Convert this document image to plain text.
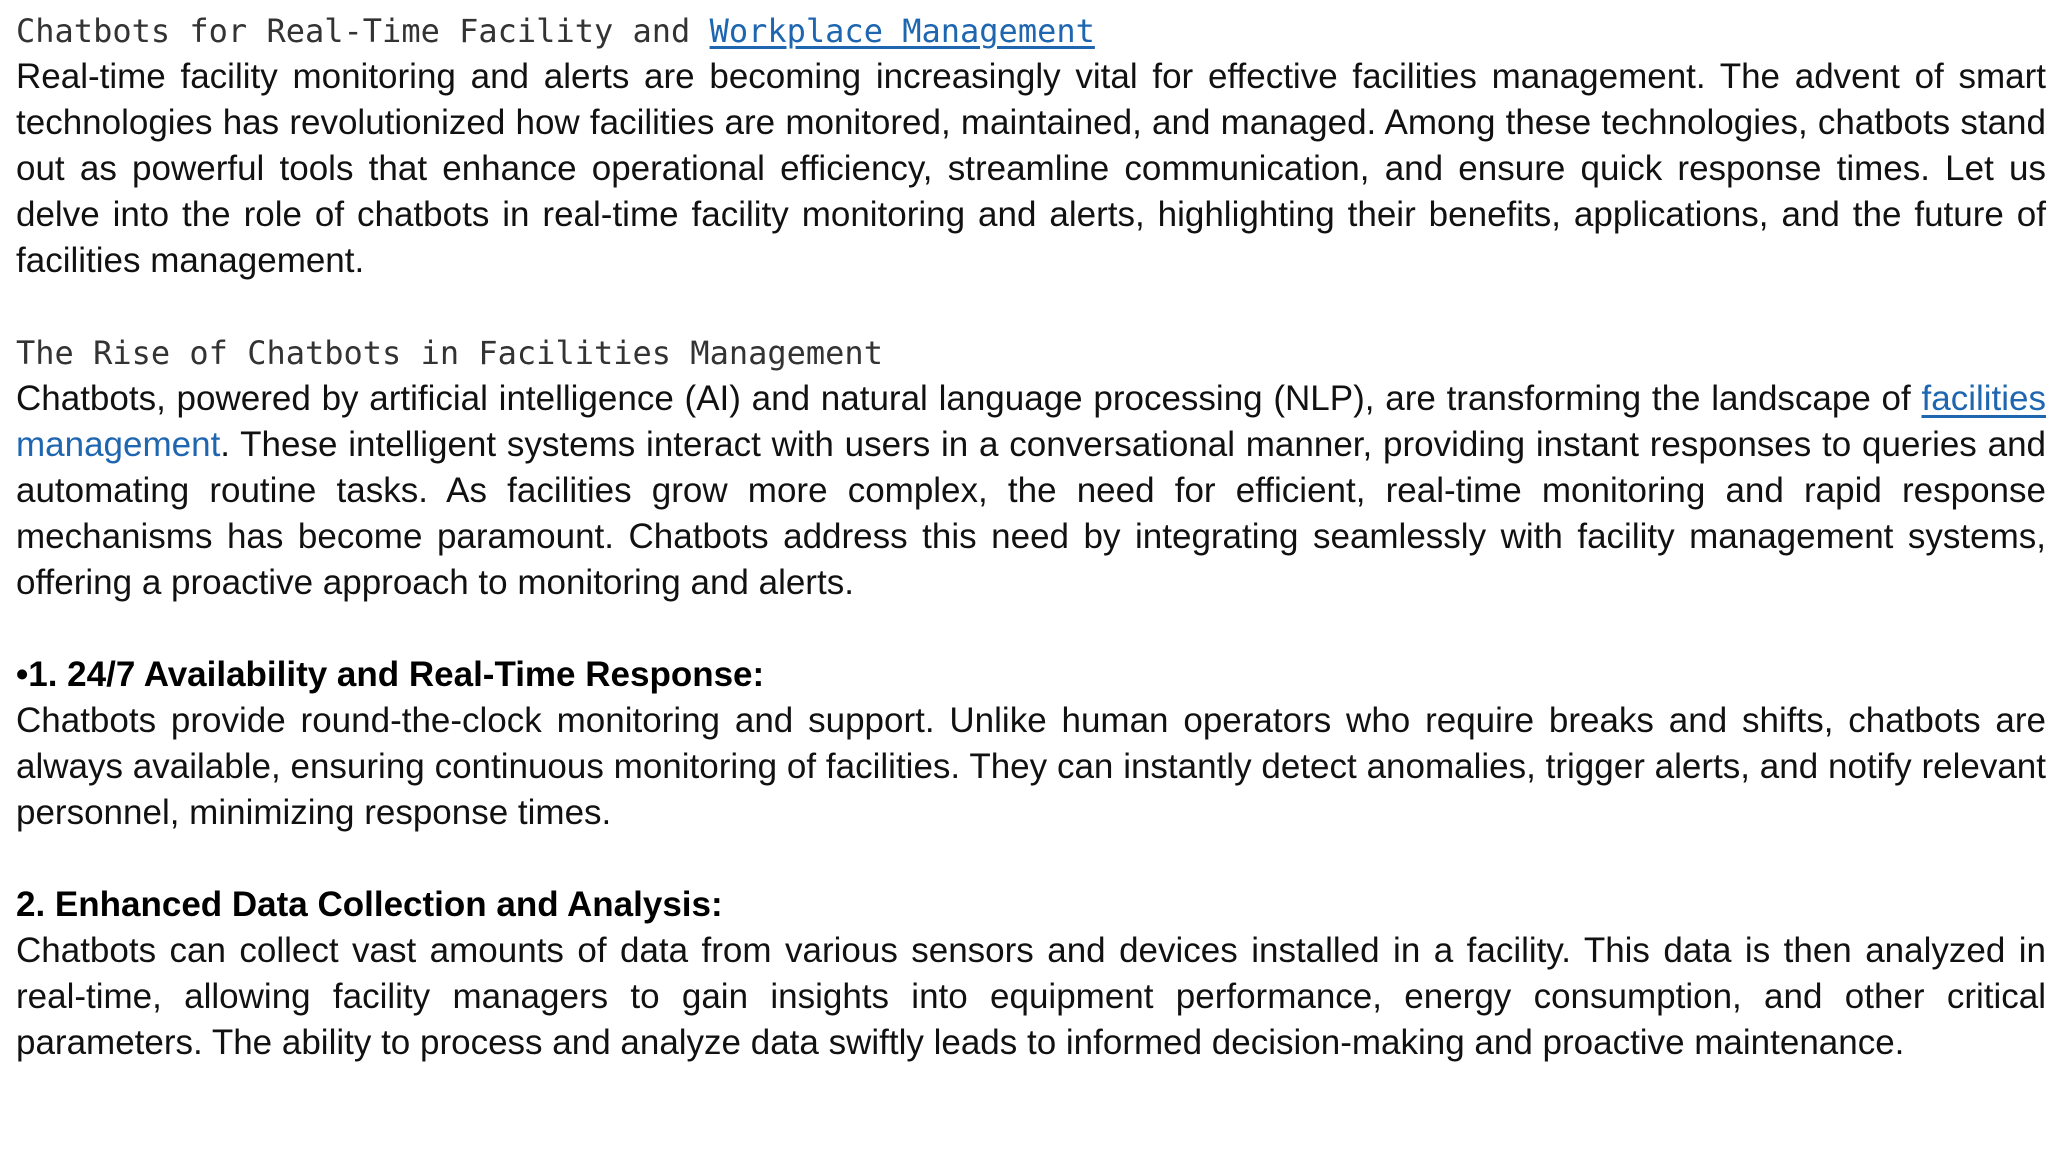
Chatbots for Real-Time Facility and Workplace Management

Real-time facility monitoring and alerts are becoming increasingly vital for effective facilities management. The advent of smart technologies has revolutionized how facilities are monitored, maintained, and managed. Among these technologies, chatbots stand out as powerful tools that enhance operational efficiency, streamline communication, and ensure quick response times. Let us delve into the role of chatbots in real-time facility monitoring and alerts, highlighting their benefits, applications, and the future of facilities management.

The Rise of Chatbots in Facilities Management

Chatbots, powered by artificial intelligence (AI) and natural language processing (NLP), are transforming the landscape of facilities management. These intelligent systems interact with users in a conversational manner, providing instant responses to queries and automating routine tasks. As facilities grow more complex, the need for efficient, real-time monitoring and rapid response mechanisms has become paramount. Chatbots address this need by integrating seamlessly with facility management systems, offering a proactive approach to monitoring and alerts.

•1. 24/7 Availability and Real-Time Response:

Chatbots provide round-the-clock monitoring and support. Unlike human operators who require breaks and shifts, chatbots are always available, ensuring continuous monitoring of facilities. They can instantly detect anomalies, trigger alerts, and notify relevant personnel, minimizing response times.

2. Enhanced Data Collection and Analysis:

Chatbots can collect vast amounts of data from various sensors and devices installed in a facility. This data is then analyzed in real-time, allowing facility managers to gain insights into equipment performance, energy consumption, and other critical parameters. The ability to process and analyze data swiftly leads to informed decision-making and proactive maintenance.
